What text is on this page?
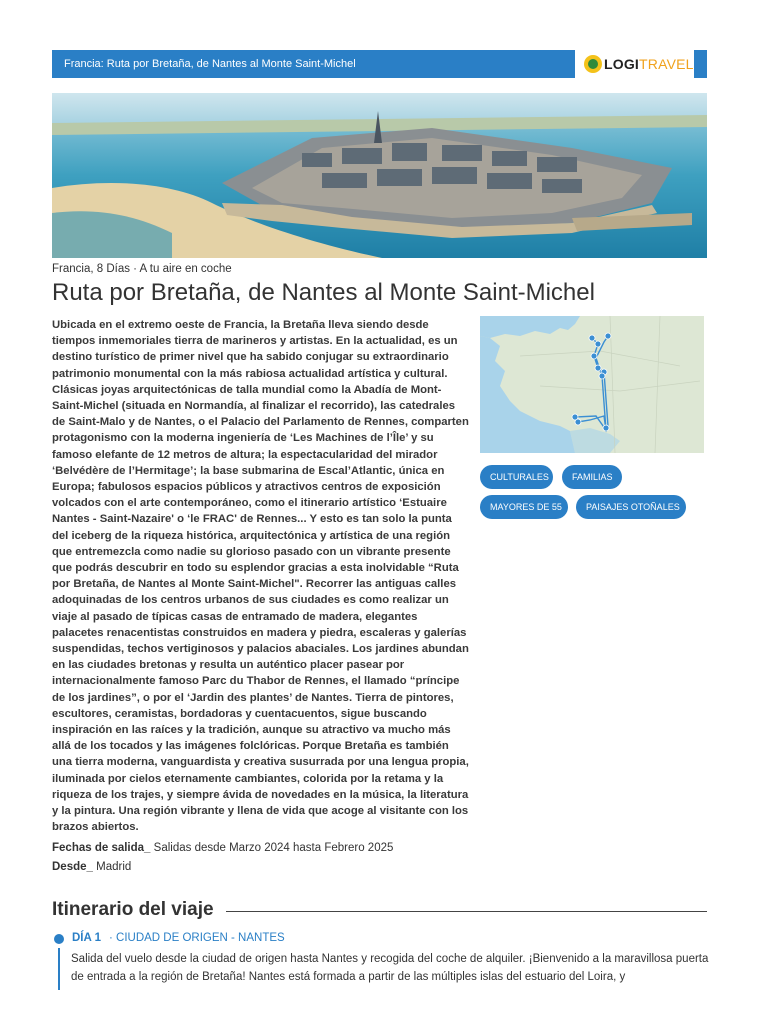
Francia: Ruta por Bretaña, de Nantes al Monte Saint-Michel	LOGITRAVEL
Francia, 8 Días · A tu aire en coche
Ruta por Bretaña, de Nantes al Monte Saint-Michel
Ubicada en el extremo oeste de Francia, la Bretaña lleva siendo desde tiempos inmemoriales tierra de marineros y artistas. En la actualidad, es un destino turístico de primer nivel que ha sabido conjugar su extraordinario patrimonio monumental con la más rabiosa actualidad artística y cultural. Clásicas joyas arquitectónicas de talla mundial como la Abadía de Mont-Saint-Michel (situada en Normandía, al finalizar el recorrido), las catedrales de Saint-Malo y de Nantes, o el Palacio del Parlamento de Rennes, comparten protagonismo con la moderna ingeniería de ‘Les Machines de l’Île’ y su famoso elefante de 12 metros de altura; la espectacularidad del mirador ‘Belvédère de l’Hermitage’; la base submarina de Escal’Atlantic, única en Europa; fabulosos espacios públicos y atractivos centros de exposición volcados con el arte contemporáneo, como el itinerario artístico ‘Estuaire Nantes - Saint-Nazaire' o ‘le FRAC' de Rennes... Y esto es tan solo la punta del iceberg de la riqueza histórica, arquitectónica y artística de una región que entremezcla como nadie su glorioso pasado con un vibrante presente que podrás descubrir en todo su esplendor gracias a esta inolvidable “Ruta por Bretaña, de Nantes al Monte Saint-Michel". Recorrer las antiguas calles adoquinadas de los centros urbanos de sus ciudades es como realizar un viaje al pasado de típicas casas de entramado de madera, elegantes palacetes renacentistas construidos en madera y piedra, escaleras y galerías suspendidas, techos vertiginosos y palacios abaciales. Los jardines abundan en las ciudades bretonas y resulta un auténtico placer pasear por internacionalmente famoso Parc du Thabor de Rennes, el llamado “príncipe de los jardines”, o por el ‘Jardin des plantes’ de Nantes. Tierra de pintores, escultores, ceramistas, bordadoras y cuentacuentos, sigue buscando inspiración en las raíces y la tradición, aunque su atractivo va mucho más allá de los tocados y las imágenes folclóricas. Porque Bretaña es también una tierra moderna, vanguardista y creativa susurrada por una lengua propia, iluminada por cielos eternamente cambiantes, colorida por la retama y la riqueza de los trajes, y siempre ávida de novedades en la música, la literatura y la pintura. Una región vibrante y llena de vida que acoge al visitante con los brazos abiertos.
CULTURALES	FAMILIAS
MAYORES DE 55	PAISAJES OTOÑALES
Fechas de salida_ Salidas desde Marzo 2024 hasta Febrero 2025
Desde_ Madrid
Itinerario del viaje
DÍA 1 · CIUDAD DE ORIGEN - NANTES
Salida del vuelo desde la ciudad de origen hasta Nantes y recogida del coche de alquiler. ¡Bienvenido a la maravillosa puerta de entrada a la región de Bretaña! Nantes está formada a partir de las múltiples islas del estuario del Loira, y
